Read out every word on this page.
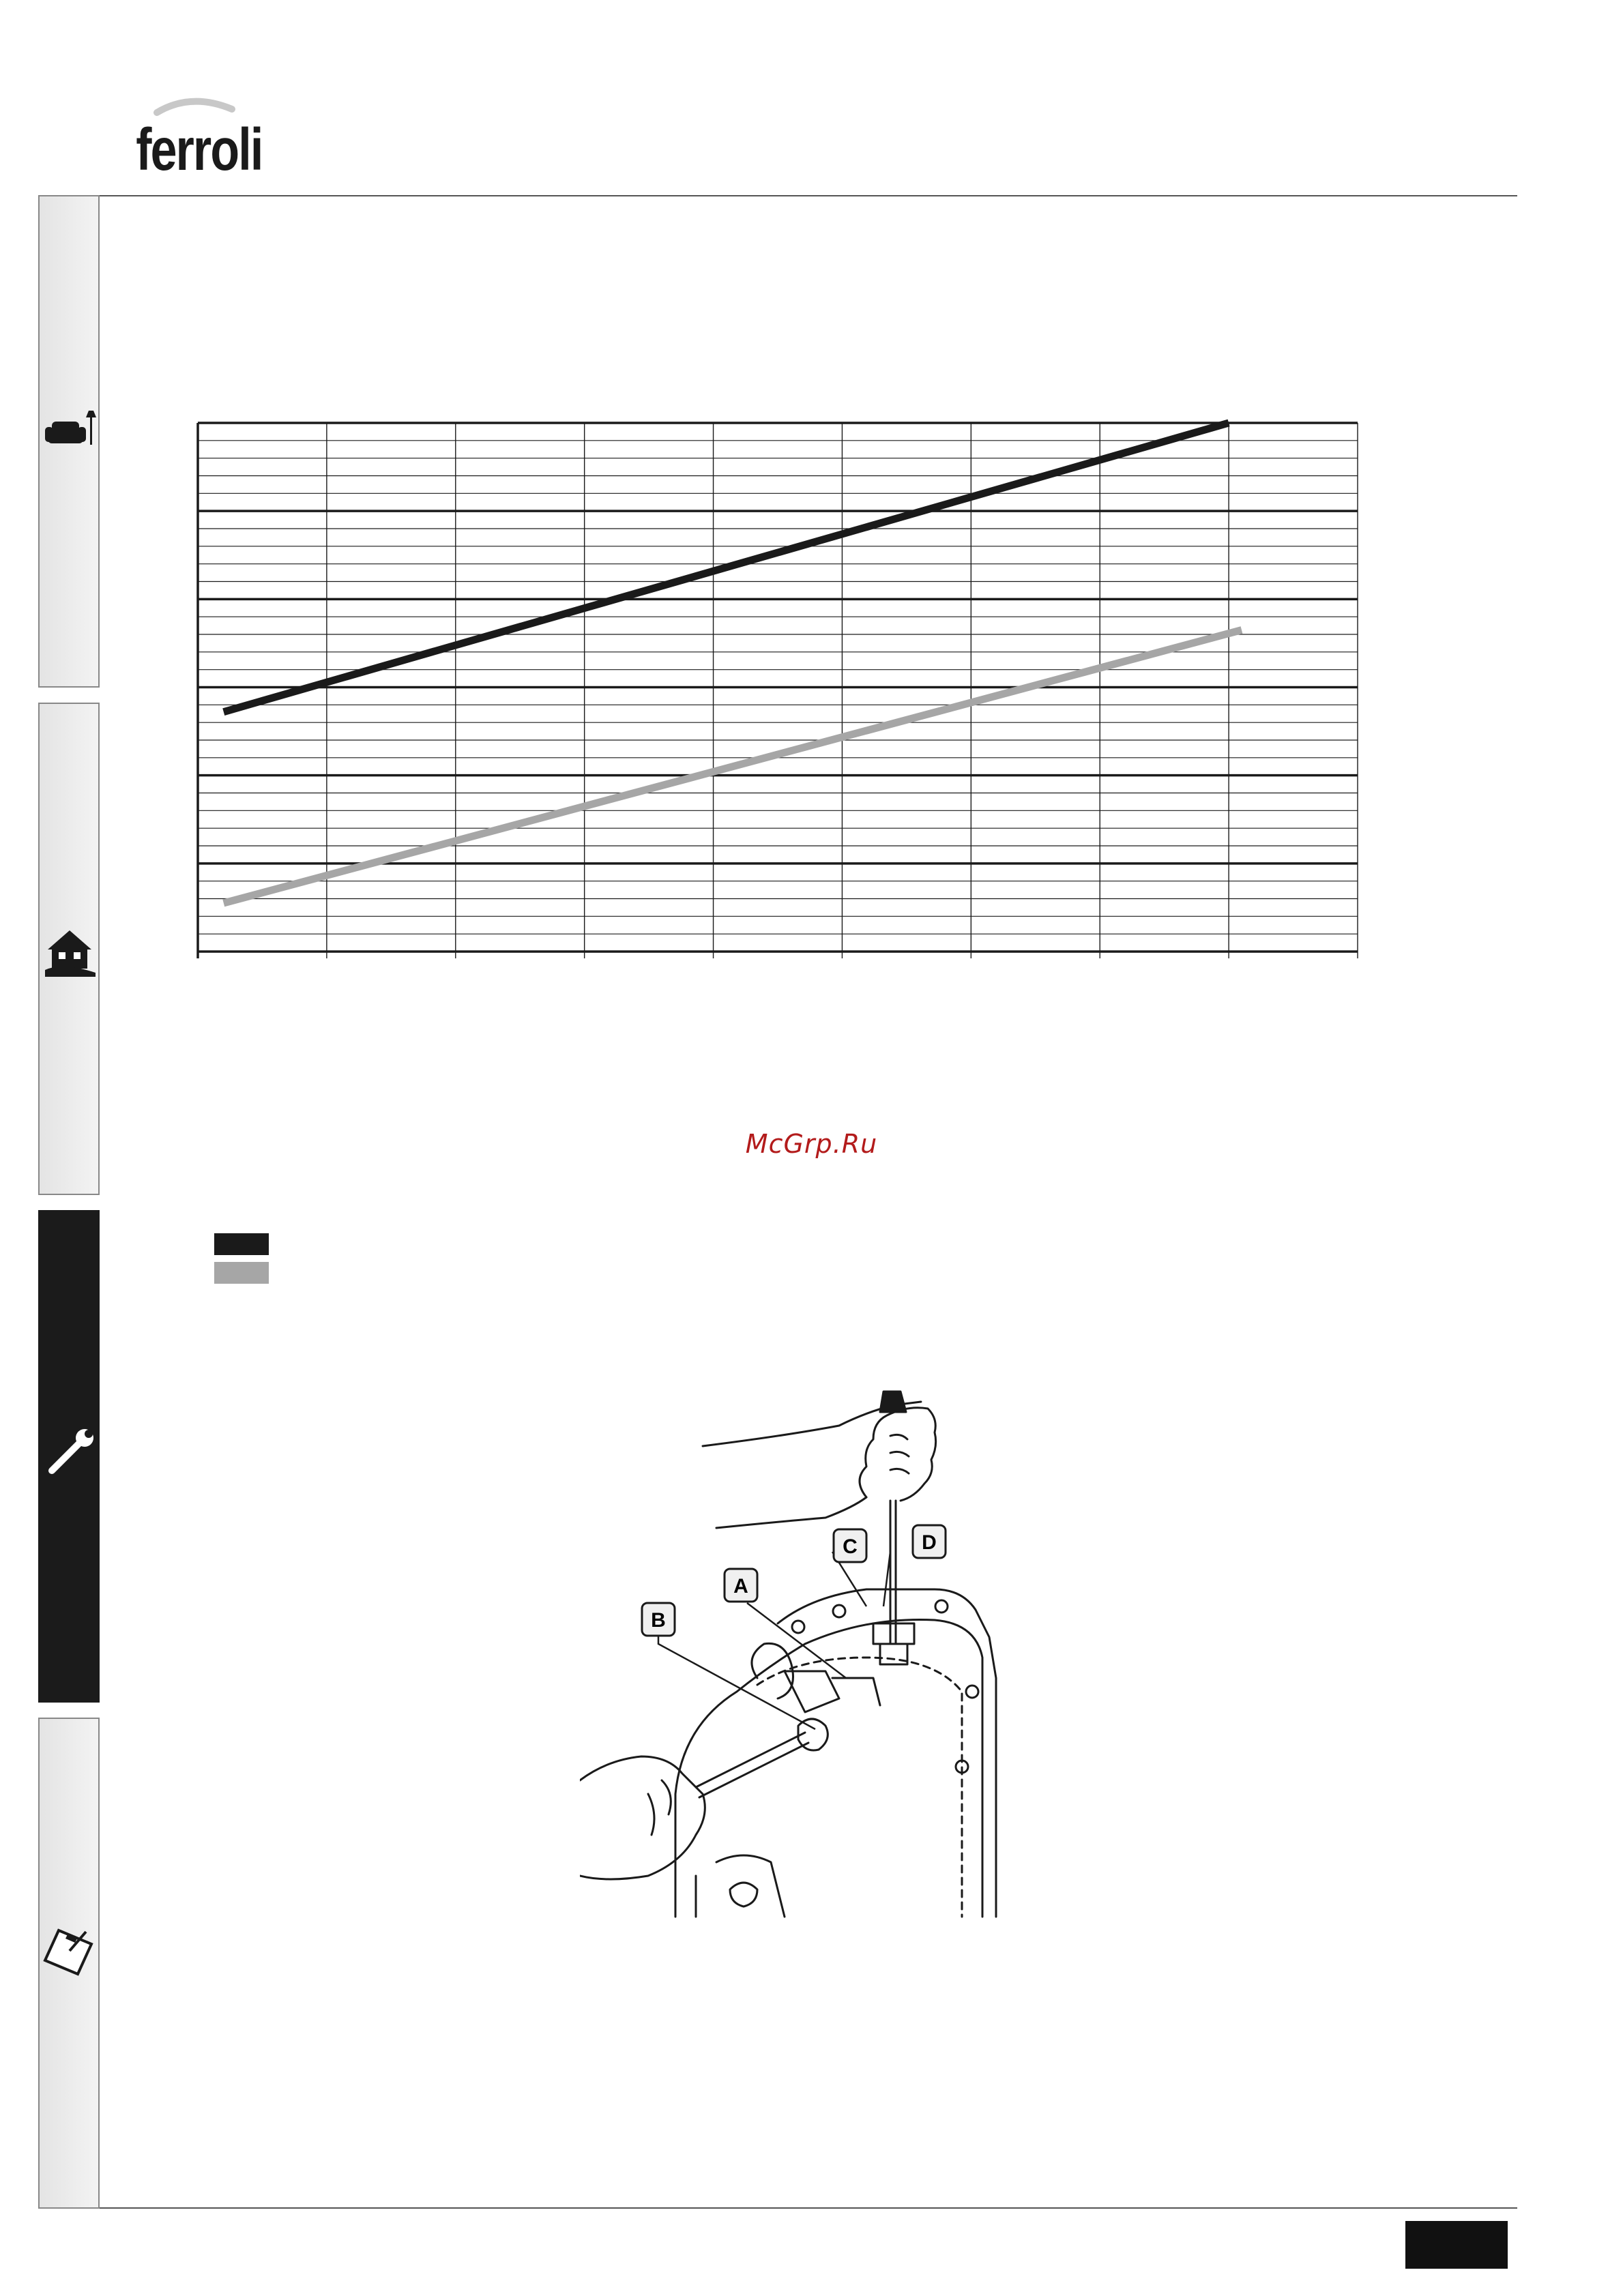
ferroli
McGrp.Ru
A
B
C	D
